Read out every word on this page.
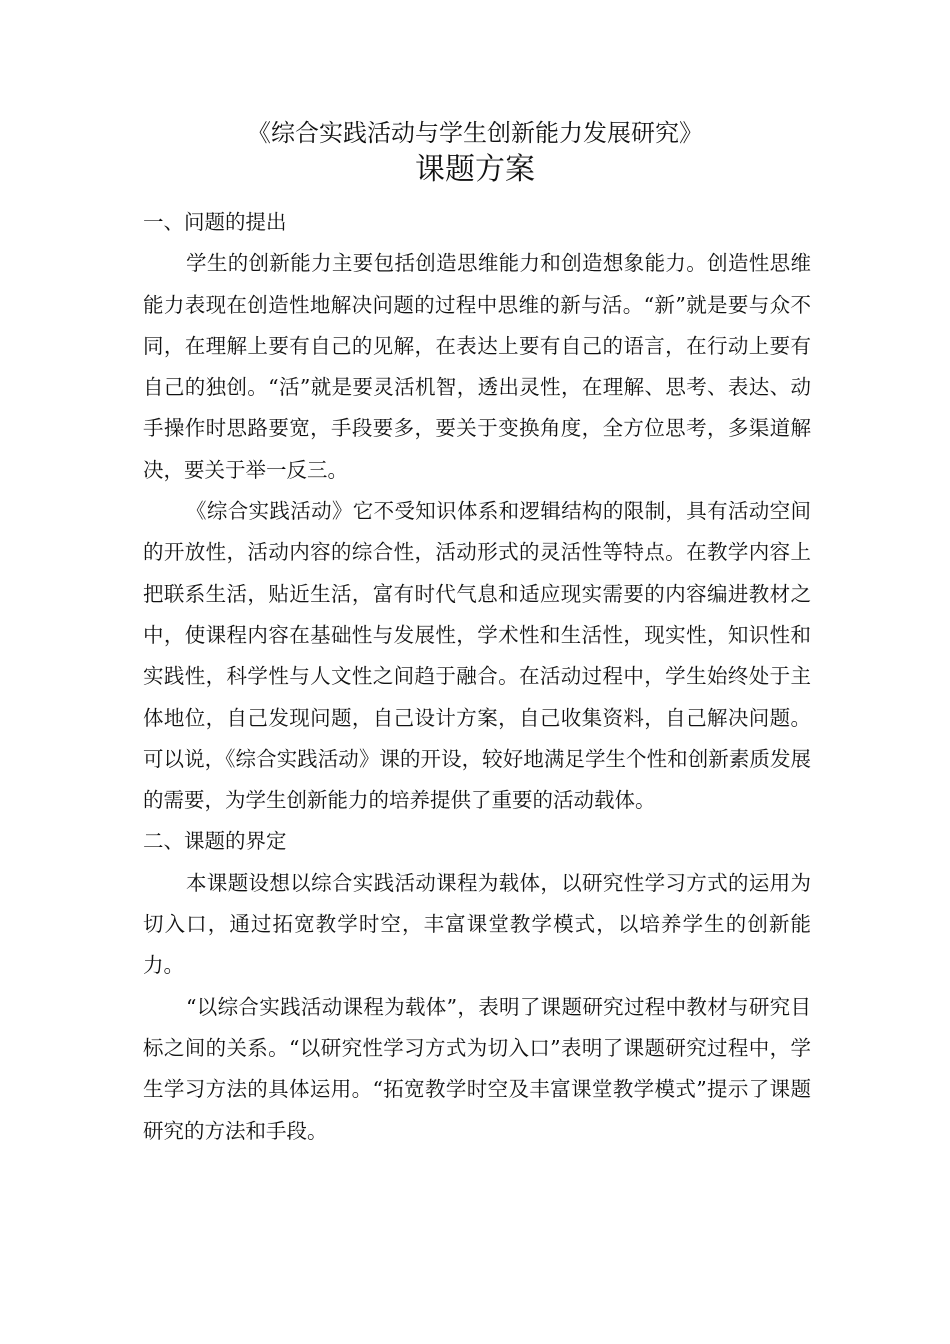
《综合实践活动与学生创新能力发展研究》
课题方案
一、问题的提出

学生的创新能力主要包括创造思维能力和创造想象能力。创造性思维能力表现在创造性地解决问题的过程中思维的新与活。“新”就是要与众不同，在理解上要有自己的见解，在表达上要有自己的语言，在行动上要有自己的独创。“活”就是要灵活机智，透出灵性，在理解、思考、表达、动手操作时思路要宽，手段要多，要关于变换角度，全方位思考，多渠道解决，要关于举一反三。

《综合实践活动》它不受知识体系和逻辑结构的限制，具有活动空间的开放性，活动内容的综合性，活动形式的灵活性等特点。在教学内容上把联系生活，贴近生活，富有时代气息和适应现实需要的内容编进教材之中，使课程内容在基础性与发展性，学术性和生活性，现实性，知识性和实践性，科学性与人文性之间趋于融合。在活动过程中，学生始终处于主体地位，自己发现问题，自己设计方案，自己收集资料，自己解决问题。可以说，《综合实践活动》课的开设，较好地满足学生个性和创新素质发展的需要，为学生创新能力的培养提供了重要的活动载体。

二、课题的界定

本课题设想以综合实践活动课程为载体，以研究性学习方式的运用为切入口，通过拓宽教学时空，丰富课堂教学模式，以培养学生的创新能力。

“以综合实践活动课程为载体”，表明了课题研究过程中教材与研究目标之间的关系。“以研究性学习方式为切入口”表明了课题研究过程中，学生学习方法的具体运用。“拓宽教学时空及丰富课堂教学模式”提示了课题研究的方法和手段。
